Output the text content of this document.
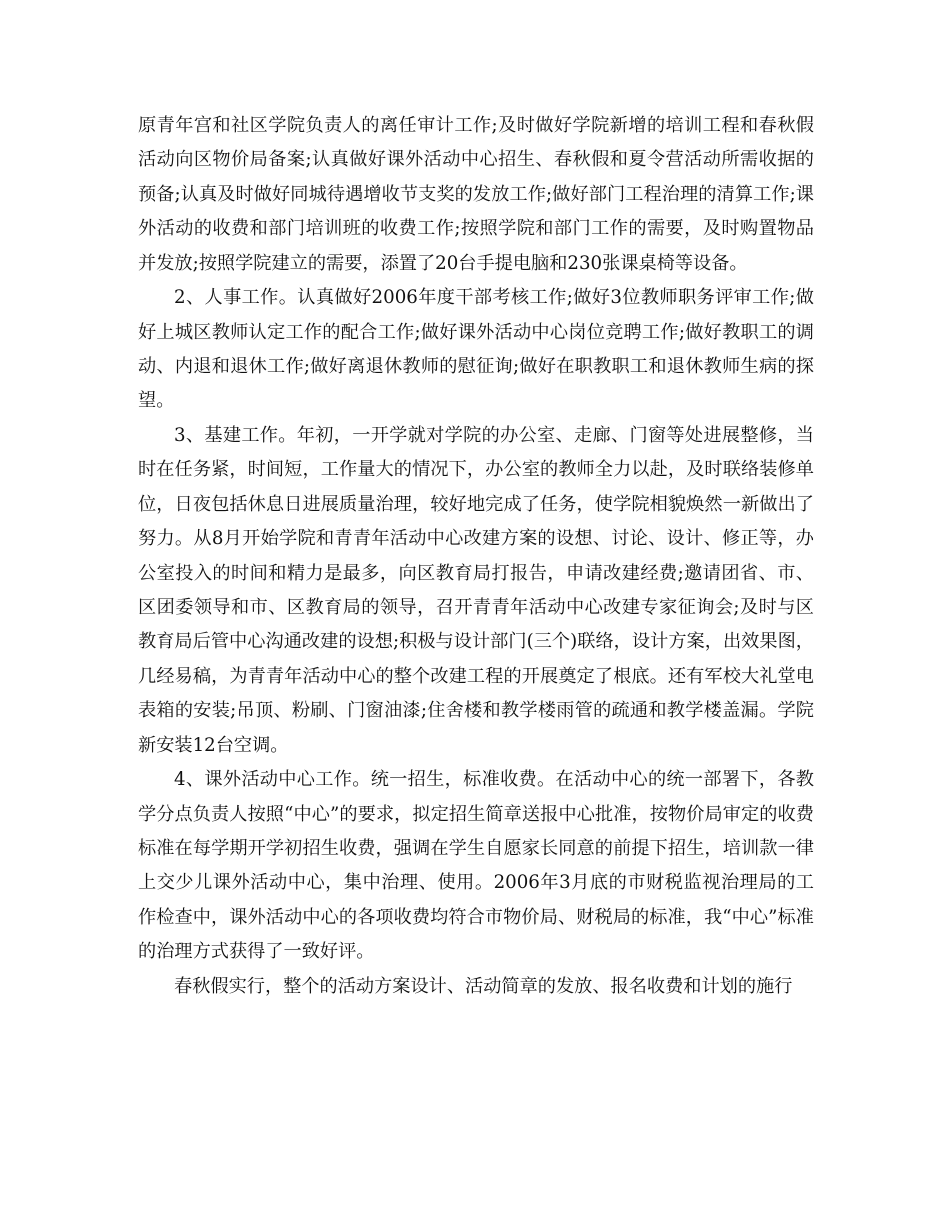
原青年宫和社区学院负责人的离任审计工作;及时做好学院新增的培训工程和春秋假活动向区物价局备案;认真做好课外活动中心招生、春秋假和夏令营活动所需收据的预备;认真及时做好同城待遇增收节支奖的发放工作;做好部门工程治理的清算工作;课外活动的收费和部门培训班的收费工作;按照学院和部门工作的需要，及时购置物品并发放;按照学院建立的需要，添置了20台手提电脑和230张课桌椅等设备。

2、人事工作。认真做好2006年度干部考核工作;做好3位教师职务评审工作;做好上城区教师认定工作的配合工作;做好课外活动中心岗位竞聘工作;做好教职工的调动、内退和退休工作;做好离退休教师的慰征询;做好在职教职工和退休教师生病的探望。

3、基建工作。年初，一开学就对学院的办公室、走廊、门窗等处进展整修，当时在任务紧，时间短，工作量大的情况下，办公室的教师全力以赴，及时联络装修单位，日夜包括休息日进展质量治理，较好地完成了任务，使学院相貌焕然一新做出了努力。从8月开始学院和青青年活动中心改建方案的设想、讨论、设计、修正等，办公室投入的时间和精力是最多，向区教育局打报告，申请改建经费;邀请团省、市、区团委领导和市、区教育局的领导，召开青青年活动中心改建专家征询会;及时与区教育局后管中心沟通改建的设想;积极与设计部门(三个)联络，设计方案，出效果图，几经易稿，为青青年活动中心的整个改建工程的开展奠定了根底。还有军校大礼堂电表箱的安装;吊顶、粉刷、门窗油漆;住舍楼和教学楼雨管的疏通和教学楼盖漏。学院新安装12台空调。

4、课外活动中心工作。统一招生，标准收费。在活动中心的统一部署下，各教学分点负责人按照“中心”的要求，拟定招生简章送报中心批准，按物价局审定的收费标准在每学期开学初招生收费，强调在学生自愿家长同意的前提下招生，培训款一律上交少儿课外活动中心，集中治理、使用。2006年3月底的市财税监视治理局的工作检查中，课外活动中心的各项收费均符合市物价局、财税局的标准，我“中心”标准的治理方式获得了一致好评。

春秋假实行，整个的活动方案设计、活动简章的发放、报名收费和计划的施行
